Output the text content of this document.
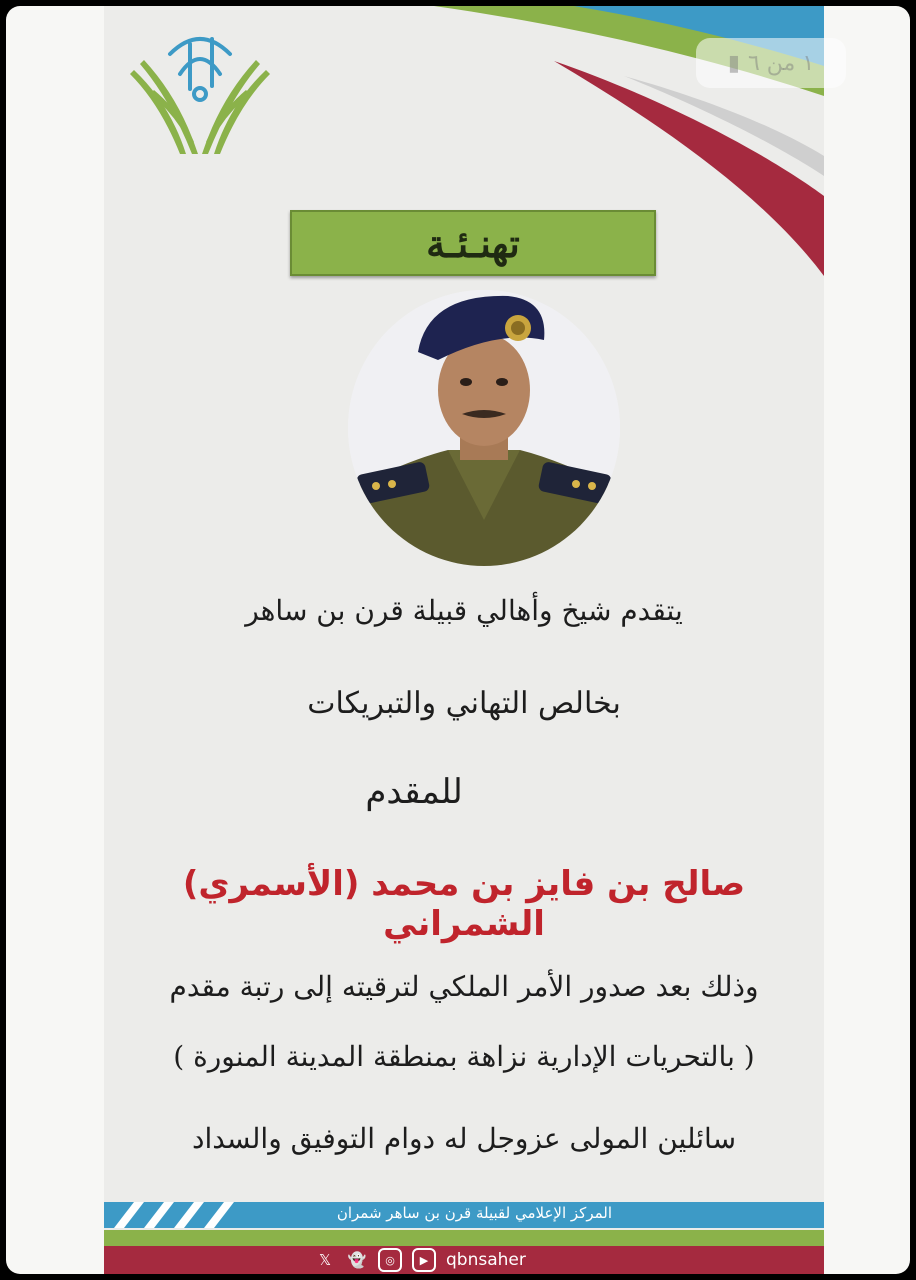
تهنـئـة
يتقدم شيخ وأهالي قبيلة قرن بن ساهر
بخالص التهاني والتبريكات
للمقدم
صالح بن فايز بن محمد (الأسمري) الشمراني
وذلك بعد صدور الأمر الملكي لترقيته إلى رتبة مقدم
( بالتحريات الإدارية نزاهة بمنطقة المدينة المنورة )
سائلين المولى عزوجل له دوام التوفيق والسداد
المركز الإعلامي لقبيلة قرن بن ساهر شمران
𝕏	👻	◎	▶	qbnsaher
١ من ٦
▮
